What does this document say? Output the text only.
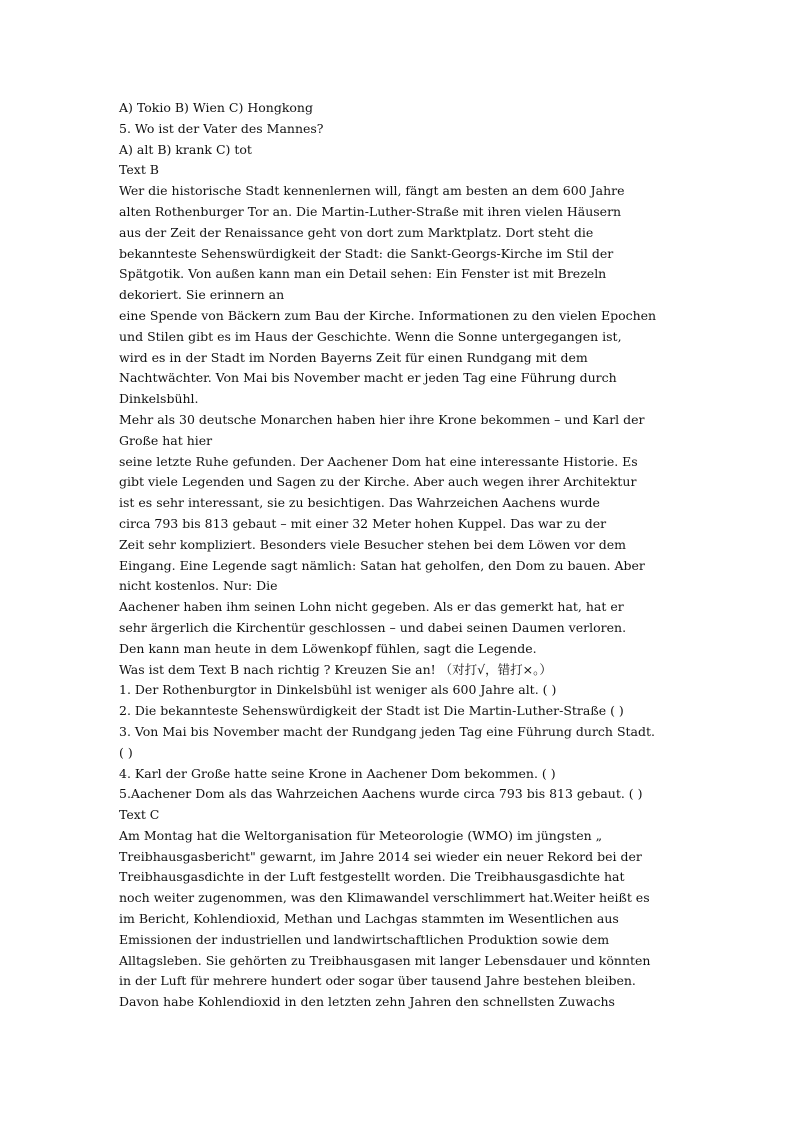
A) Tokio B) Wien C) Hongkong
5. Wo ist der Vater des Mannes?
A) alt B) krank C) tot
Text B
Wer die historische Stadt kennenlernen will, fängt am besten an dem 600 Jahre
alten Rothenburger Tor an. Die Martin-Luther-Straße mit ihren vielen Häusern
aus der Zeit der Renaissance geht von dort zum Marktplatz. Dort steht die
bekannteste Sehenswürdigkeit der Stadt: die Sankt-Georgs-Kirche im Stil der
Spätgotik. Von außen kann man ein Detail sehen: Ein Fenster ist mit Brezeln
dekoriert. Sie erinnern an
eine Spende von Bäckern zum Bau der Kirche. Informationen zu den vielen Epochen
und Stilen gibt es im Haus der Geschichte. Wenn die Sonne untergegangen ist,
wird es in der Stadt im Norden Bayerns Zeit für einen Rundgang mit dem
Nachtwächter. Von Mai bis November macht er jeden Tag eine Führung durch
Dinkelsbühl.
Mehr als 30 deutsche Monarchen haben hier ihre Krone bekommen – und Karl der
Große hat hier
seine letzte Ruhe gefunden. Der Aachener Dom hat eine interessante Historie. Es
gibt viele Legenden und Sagen zu der Kirche. Aber auch wegen ihrer Architektur
ist es sehr interessant, sie zu besichtigen. Das Wahrzeichen Aachens wurde
circa 793 bis 813 gebaut – mit einer 32 Meter hohen Kuppel. Das war zu der
Zeit sehr kompliziert. Besonders viele Besucher stehen bei dem Löwen vor dem
Eingang. Eine Legende sagt nämlich: Satan hat geholfen, den Dom zu bauen. Aber
nicht kostenlos. Nur: Die
Aachener haben ihm seinen Lohn nicht gegeben. Als er das gemerkt hat, hat er
sehr ärgerlich die Kirchentür geschlossen – und dabei seinen Daumen verloren.
Den kann man heute in dem Löwenkopf fühlen, sagt die Legende.
Was ist dem Text B nach richtig ? Kreuzen Sie an! （对打√，错打×。）
1. Der Rothenburgtor in Dinkelsbühl ist weniger als 600 Jahre alt. ( )
2. Die bekannteste Sehenswürdigkeit der Stadt ist Die Martin-Luther-Straße ( )
3. Von Mai bis November macht der Rundgang jeden Tag eine Führung durch Stadt.
( )
4. Karl der Große hatte seine Krone in Aachener Dom bekommen. ( )
5.Aachener Dom als das Wahrzeichen Aachens wurde circa 793 bis 813 gebaut. ( )
Text C
Am Montag hat die Weltorganisation für Meteorologie (WMO) im jüngsten „
Treibhausgasbericht" gewarnt, im Jahre 2014 sei wieder ein neuer Rekord bei der
Treibhausgasdichte in der Luft festgestellt worden. Die Treibhausgasdichte hat
noch weiter zugenommen, was den Klimawandel verschlimmert hat.Weiter heißt es
im Bericht, Kohlendioxid, Methan und Lachgas stammten im Wesentlichen aus
Emissionen der industriellen und landwirtschaftlichen Produktion sowie dem
Alltagsleben. Sie gehörten zu Treibhausgasen mit langer Lebensdauer und könnten
in der Luft für mehrere hundert oder sogar über tausend Jahre bestehen bleiben.
Davon habe Kohlendioxid in den letzten zehn Jahren den schnellsten Zuwachs
